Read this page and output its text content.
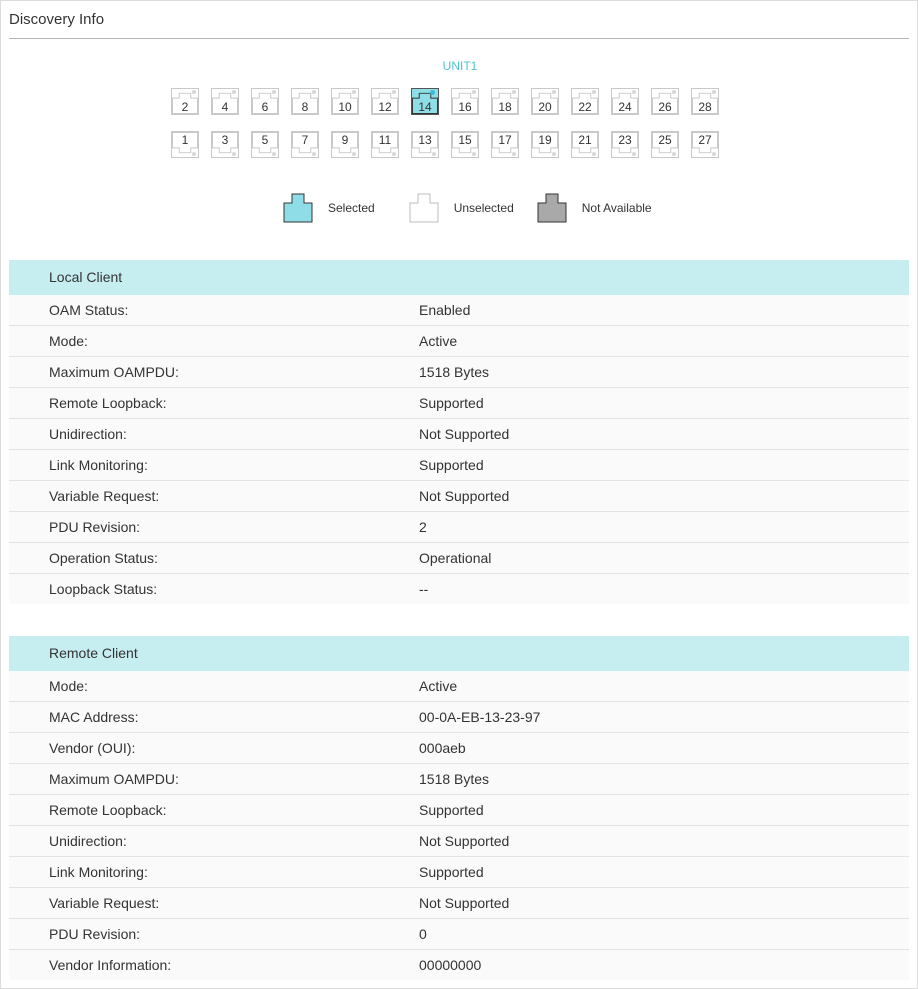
Discovery Info
UNIT1
2	4	6	8	10	12	14	16	18	20	22	24	26	28
1	3	5	7	9	11	13	15	17	19	21	23	25	27
Selected	Unselected	Not Available
Local Client
OAM Status:	Enabled
Mode:	Active
Maximum OAMPDU:	1518 Bytes
Remote Loopback:	Supported
Unidirection:	Not Supported
Link Monitoring:	Supported
Variable Request:	Not Supported
PDU Revision:	2
Operation Status:	Operational
Loopback Status:	--
Remote Client
Mode:	Active
MAC Address:	00-0A-EB-13-23-97
Vendor (OUI):	000aeb
Maximum OAMPDU:	1518 Bytes
Remote Loopback:	Supported
Unidirection:	Not Supported
Link Monitoring:	Supported
Variable Request:	Not Supported
PDU Revision:	0
Vendor Information:	00000000
